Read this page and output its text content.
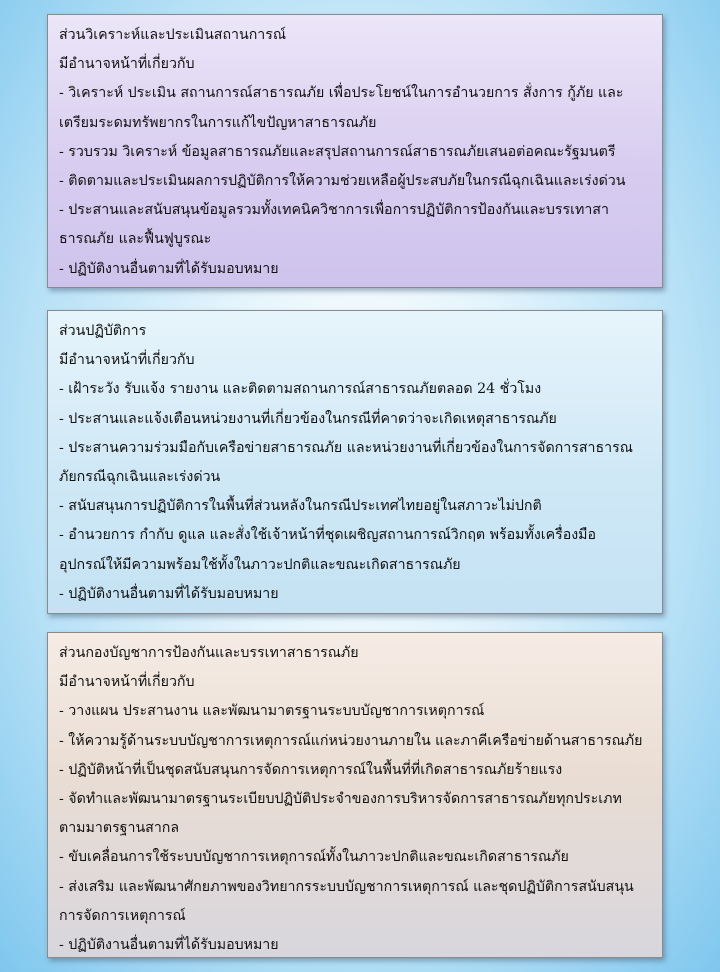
ส่วนวิเคราะห์และประเมินสถานการณ์
มีอำนาจหน้าที่เกี่ยวกับ
- วิเคราะห์ ประเมิน สถานการณ์สาธารณภัย เพื่อประโยชน์ในการอำนวยการ สั่งการ กู้ภัย และ
เตรียมระดมทรัพยากรในการแก้ไขปัญหาสาธารณภัย
- รวบรวม วิเคราะห์ ข้อมูลสาธารณภัยและสรุปสถานการณ์สาธารณภัยเสนอต่อคณะรัฐมนตรี
- ติดตามและประเมินผลการปฏิบัติการให้ความช่วยเหลือผู้ประสบภัยในกรณีฉุกเฉินและเร่งด่วน
- ประสานและสนับสนุนข้อมูลรวมทั้งเทคนิควิชาการเพื่อการปฏิบัติการป้องกันและบรรเทาสา
ธารณภัย และฟื้นฟูบูรณะ
- ปฏิบัติงานอื่นตามที่ได้รับมอบหมาย
ส่วนปฏิบัติการ
มีอำนาจหน้าที่เกี่ยวกับ
- เฝ้าระวัง รับแจ้ง รายงาน และติดตามสถานการณ์สาธารณภัยตลอด 24 ชั่วโมง
- ประสานและแจ้งเตือนหน่วยงานที่เกี่ยวข้องในกรณีที่คาดว่าจะเกิดเหตุสาธารณภัย
- ประสานความร่วมมือกับเครือข่ายสาธารณภัย และหน่วยงานที่เกี่ยวข้องในการจัดการสาธารณ
ภัยกรณีฉุกเฉินและเร่งด่วน
- สนับสนุนการปฏิบัติการในพื้นที่ส่วนหลังในกรณีประเทศไทยอยู่ในสภาวะไม่ปกติ
- อำนวยการ กำกับ ดูแล และสั่งใช้เจ้าหน้าที่ชุดเผชิญสถานการณ์วิกฤต พร้อมทั้งเครื่องมือ
อุปกรณ์ให้มีความพร้อมใช้ทั้งในภาวะปกติและขณะเกิดสาธารณภัย
- ปฏิบัติงานอื่นตามที่ได้รับมอบหมาย
ส่วนกองบัญชาการป้องกันและบรรเทาสาธารณภัย
มีอำนาจหน้าที่เกี่ยวกับ
- วางแผน ประสานงาน และพัฒนามาตรฐานระบบบัญชาการเหตุการณ์
- ให้ความรู้ด้านระบบบัญชาการเหตุการณ์แก่หน่วยงานภายใน และภาคีเครือข่ายด้านสาธารณภัย
- ปฏิบัติหน้าที่เป็นชุดสนับสนุนการจัดการเหตุการณ์ในพื้นที่ที่เกิดสาธารณภัยร้ายแรง
- จัดทำและพัฒนามาตรฐานระเบียบปฏิบัติประจำของการบริหารจัดการสาธารณภัยทุกประเภท
ตามมาตรฐานสากล
- ขับเคลื่อนการใช้ระบบบัญชาการเหตุการณ์ทั้งในภาวะปกติและขณะเกิดสาธารณภัย
- ส่งเสริม และพัฒนาศักยภาพของวิทยากรระบบบัญชาการเหตุการณ์ และชุดปฏิบัติการสนับสนุน
การจัดการเหตุการณ์
- ปฏิบัติงานอื่นตามที่ได้รับมอบหมาย
